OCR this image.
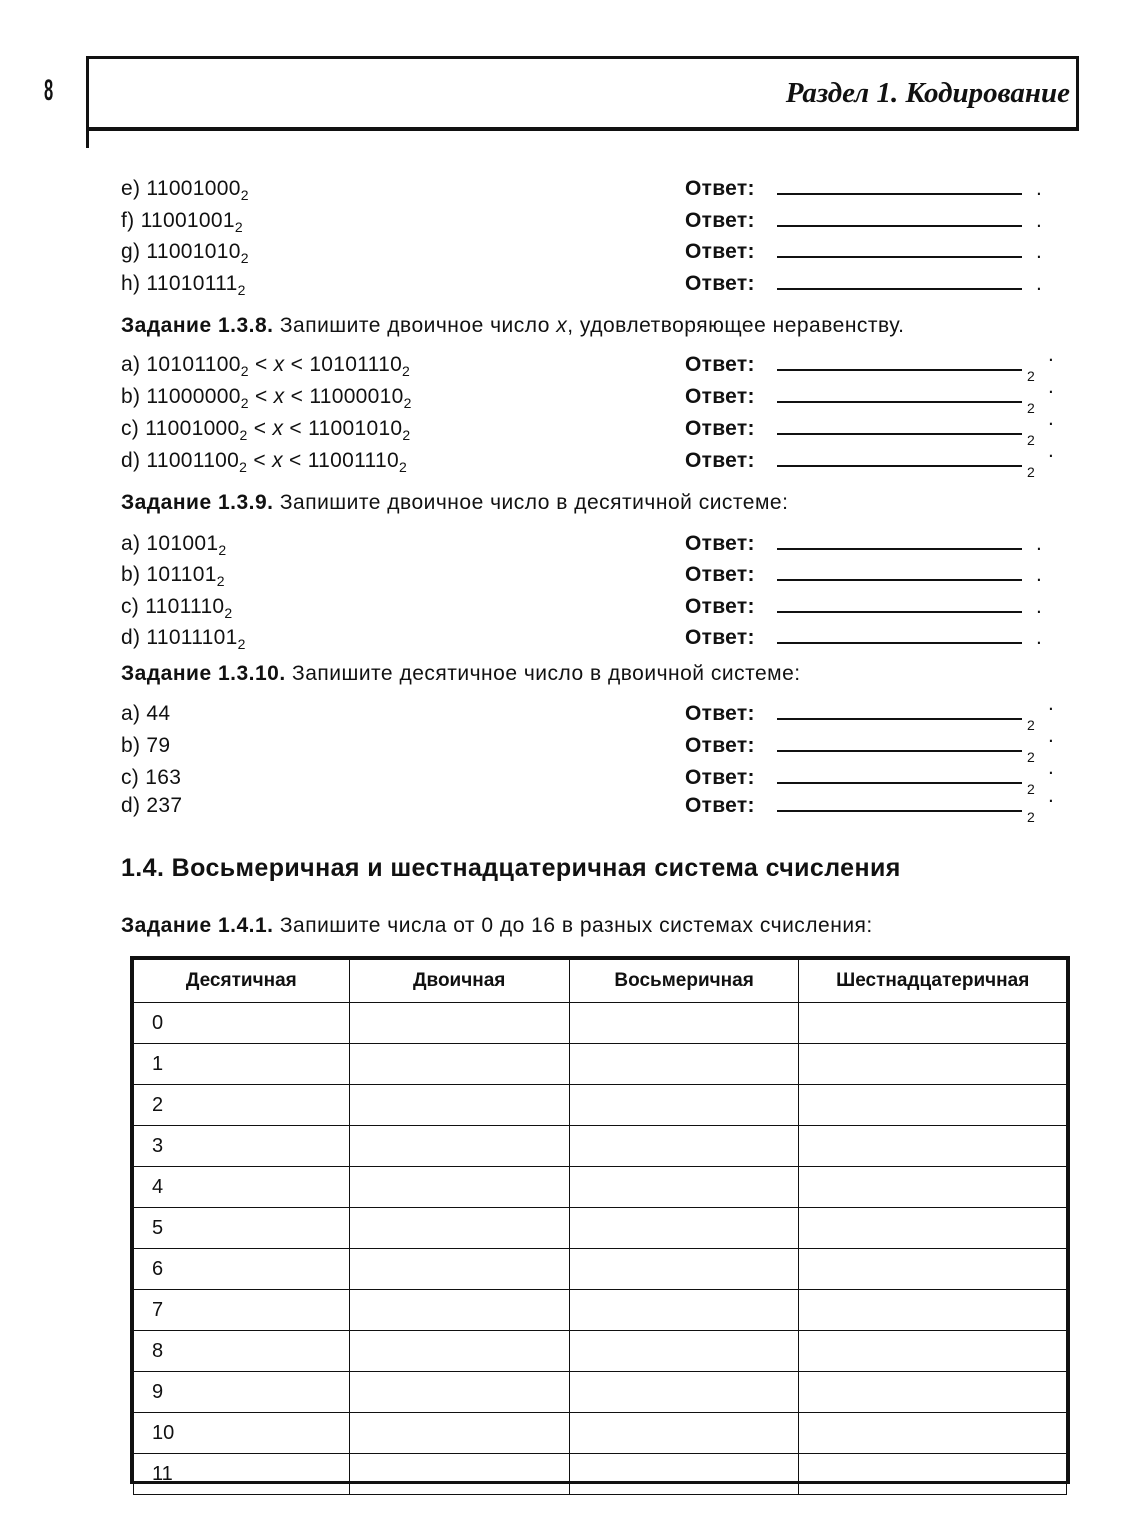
8	Раздел 1. Кодирование
e) $11001000_2$	Ответ:	.
f) $11001001_2$	Ответ:	.
g) $11001010_2$	Ответ:	.
h) $11010111_2$	Ответ:	.
Задание 1.3.8. Запишите двоичное число x, удовлетворяющее неравенству.
a) $10101100_2 < x < 10101110_2$	Ответ:	2
.
b) $11000000_2 < x < 11000010_2$	Ответ:	2
.
c) $11001000_2 < x < 11001010_2$	Ответ:	2
.
d) $11001100_2 < x < 11001110_2$	Ответ:	2
.
Задание 1.3.9. Запишите двоичное число в десятичной системе:
a) $101001_2$	Ответ:	.
b) $101101_2$	Ответ:	.
c) $1101110_2$	Ответ:	.
d) $11011101_2$	Ответ:	.
Задание 1.3.10. Запишите десятичное число в двоичной системе:
a) 44	Ответ:	2
.
b) 79	Ответ:	2
.
c) 163	Ответ:	2
.
d) 237	Ответ:	2
.
1.4. Восьмеричная и шестнадцатеричная система счисления
Задание 1.4.1. Запишите числа от 0 до 16 в разных системах счисления:
Десятичная	Двоичная	Восьмеричная	Шестнадцатеричная
0			
1			
2			
3			
4			
5			
6			
7			
8			
9			
10			
11			
